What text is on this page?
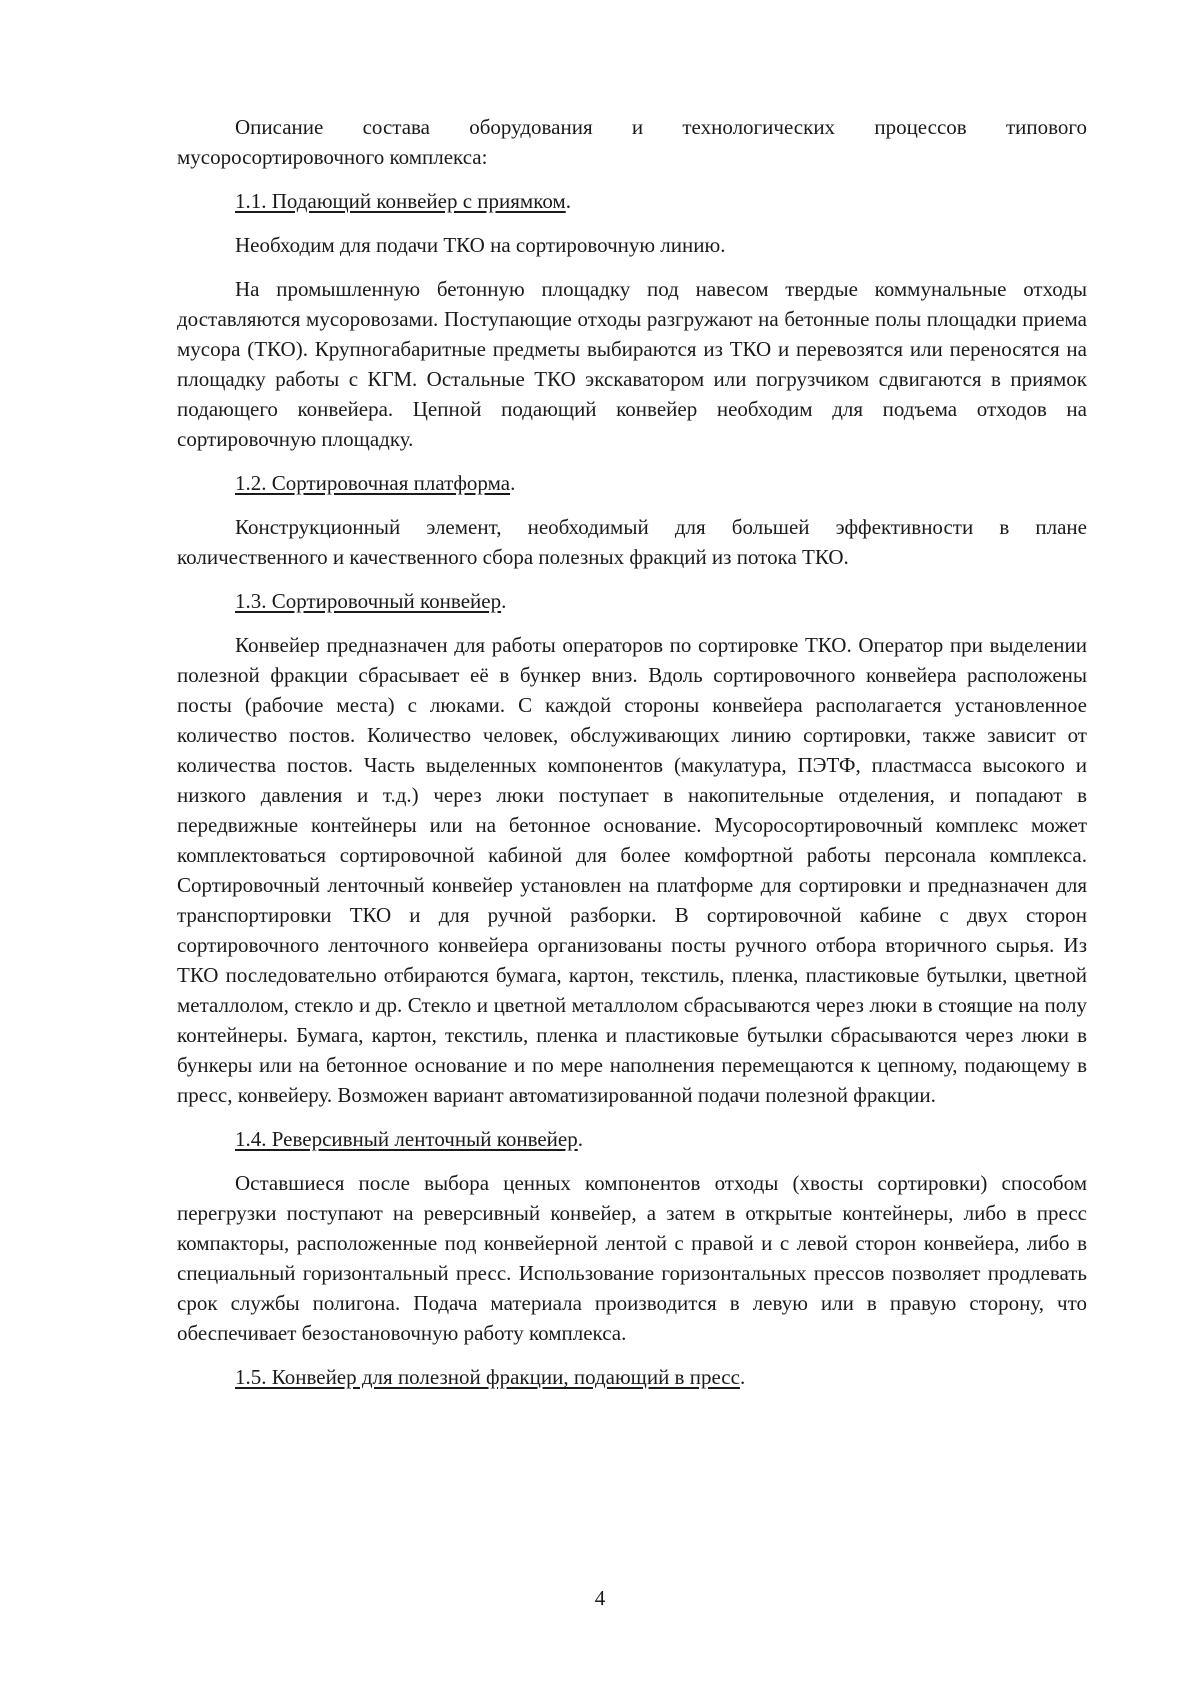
Описание состава оборудования и технологических процессов типового мусоросортировочного комплекса:

1.1. Подающий конвейер с приямком.

Необходим для подачи ТКО на сортировочную линию.

На промышленную бетонную площадку под навесом твердые коммунальные отходы доставляются мусоровозами. Поступающие отходы разгружают на бетонные полы площадки приема мусора (ТКО). Крупногабаритные предметы выбираются из ТКО и перевозятся или переносятся на площадку работы с КГМ. Остальные ТКО экскаватором или погрузчиком сдвигаются в приямок подающего конвейера. Цепной подающий конвейер необходим для подъема отходов на сортировочную площадку.

1.2. Сортировочная платформа.

Конструкционный элемент, необходимый для большей эффективности в плане количественного и качественного сбора полезных фракций из потока ТКО.

1.3. Сортировочный конвейер.

Конвейер предназначен для работы операторов по сортировке ТКО. Оператор при выделении полезной фракции сбрасывает её в бункер вниз. Вдоль сортировочного конвейера расположены посты (рабочие места) с люками. С каждой стороны конвейера располагается установленное количество постов. Количество человек, обслуживающих линию сортировки, также зависит от количества постов. Часть выделенных компонентов (макулатура, ПЭТФ, пластмасса высокого и низкого давления и т.д.) через люки поступает в накопительные отделения, и попадают в передвижные контейнеры или на бетонное основание. Мусоросортировочный комплекс может комплектоваться сортировочной кабиной для более комфортной работы персонала комплекса. Сортировочный ленточный конвейер установлен на платформе для сортировки и предназначен для транспортировки ТКО и для ручной разборки. В сортировочной кабине с двух сторон сортировочного ленточного конвейера организованы посты ручного отбора вторичного сырья. Из ТКО последовательно отбираются бумага, картон, текстиль, пленка, пластиковые бутылки, цветной металлолом, стекло и др. Стекло и цветной металлолом сбрасываются через люки в стоящие на полу контейнеры. Бумага, картон, текстиль, пленка и пластиковые бутылки сбрасываются через люки в бункеры или на бетонное основание и по мере наполнения перемещаются к цепному, подающему в пресс, конвейеру. Возможен вариант автоматизированной подачи полезной фракции.

1.4. Реверсивный ленточный конвейер.

Оставшиеся после выбора ценных компонентов отходы (хвосты сортировки) способом перегрузки поступают на реверсивный конвейер, а затем в открытые контейнеры, либо в пресс компакторы, расположенные под конвейерной лентой с правой и с левой сторон конвейера, либо в специальный горизонтальный пресс. Использование горизонтальных прессов позволяет продлевать срок службы полигона. Подача материала производится в левую или в правую сторону, что обеспечивает безостановочную работу комплекса.

1.5. Конвейер для полезной фракции, подающий в пресс.

4
